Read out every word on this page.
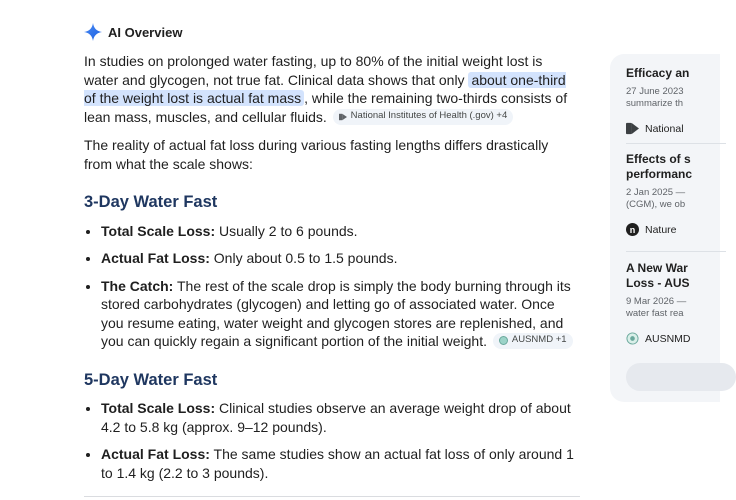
AI Overview

In studies on prolonged water fasting, up to 80% of the initial weight lost is water and glycogen, not true fat. Clinical data shows that only about one-third of the weight lost is actual fat mass , while the remaining two-thirds consists of lean mass, muscles, and cellular fluids.	National Institutes of Health (.gov) +4

The reality of actual fat loss during various fasting lengths differs drastically from what the scale shows:

3-Day Water Fast
• Total Scale Loss: Usually 2 to 6 pounds.
• Actual Fat Loss: Only about 0.5 to 1.5 pounds.
• The Catch: The rest of the scale drop is simply the body burning through its stored carbohydrates (glycogen) and letting go of associated water. Once you resume eating, water weight and glycogen stores are replenished, and you can quickly regain a significant portion of the initial weight.	AUSNMD +1
5-Day Water Fast
• Total Scale Loss: Clinical studies observe an average weight drop of about 4.2 to 5.8 kg (approx. 9–12 pounds).
• Actual Fat Loss: The same studies show an actual fat loss of only around 1 to 1.4 kg (2.2 to 3 pounds).
Efficacy an
27 June 2023
summarize th
National
Effects of s
performanc
2 Jan 2025 —
(CGM), we ob
n Nature
A New War
Loss - AUS
9 Mar 2026 —
water fast rea
AUSNMD
